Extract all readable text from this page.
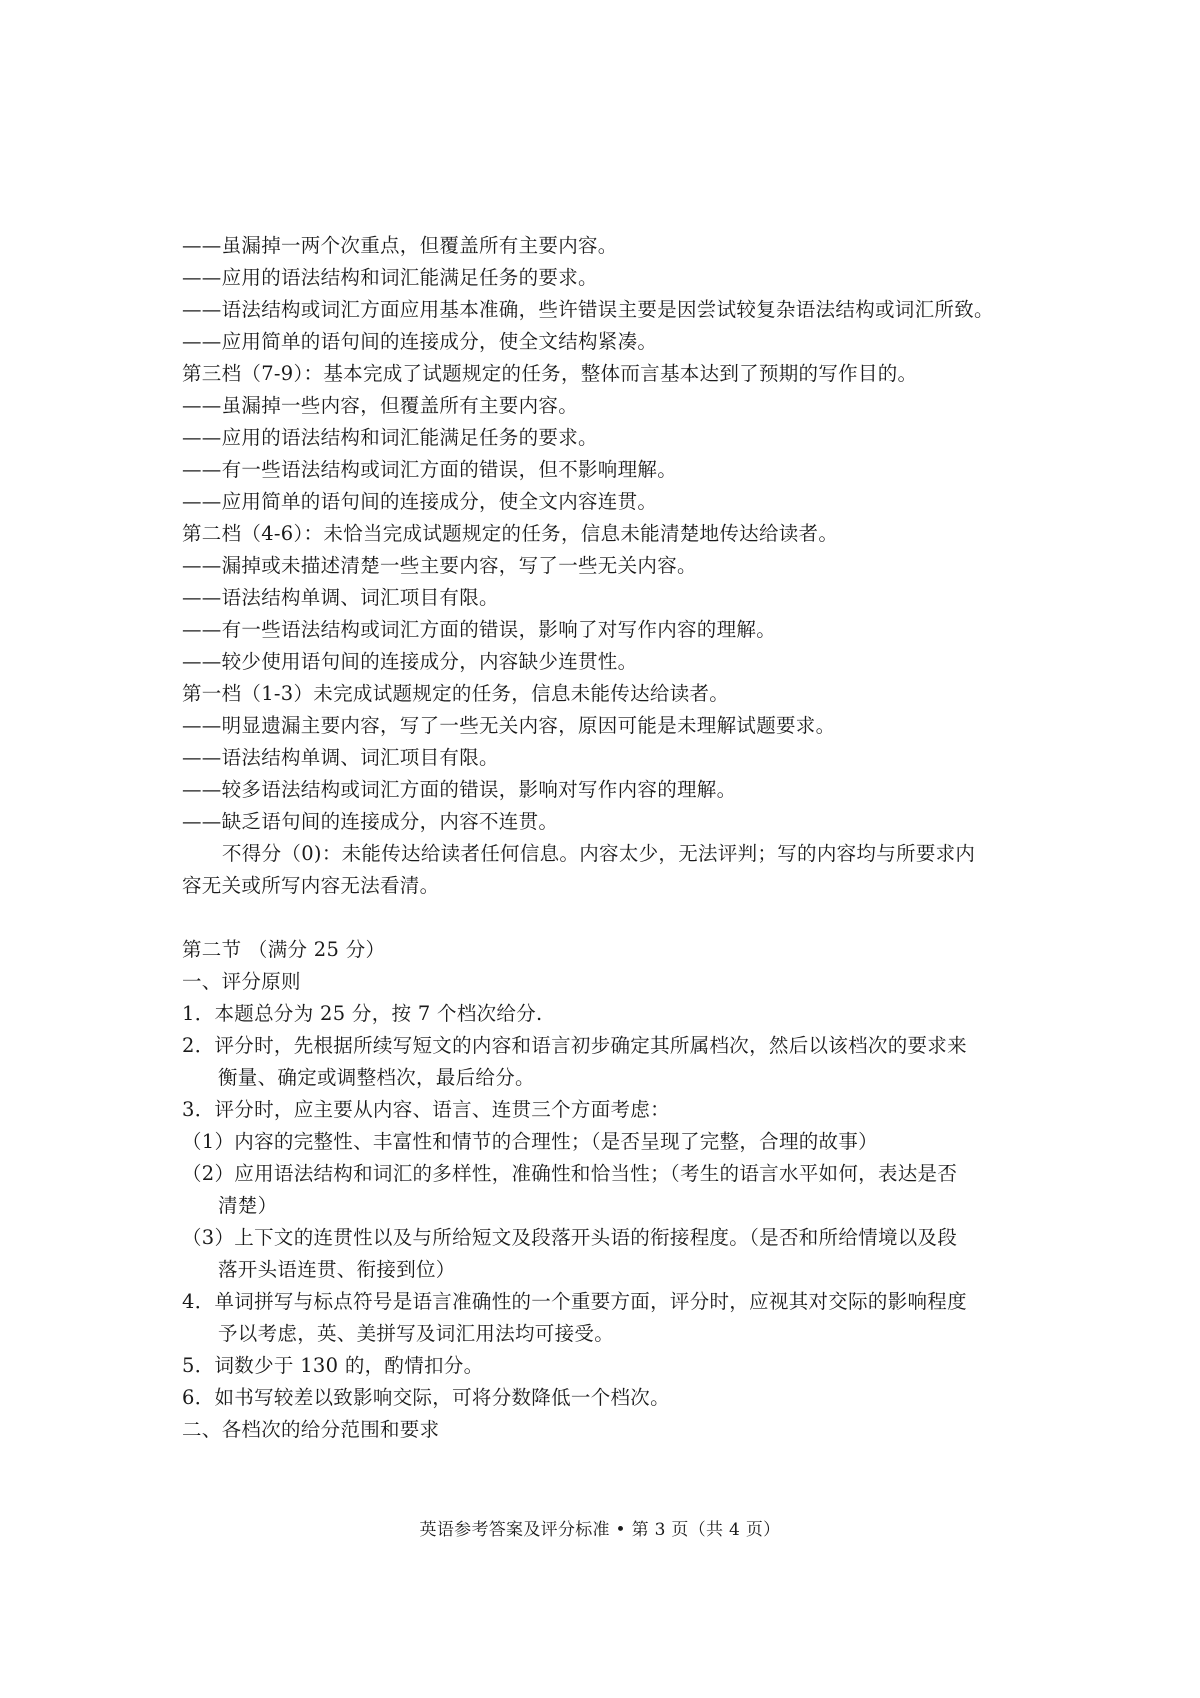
——虽漏掉一两个次重点，但覆盖所有主要内容。
——应用的语法结构和词汇能满足任务的要求。
——语法结构或词汇方面应用基本准确，些许错误主要是因尝试较复杂语法结构或词汇所致。
——应用简单的语句间的连接成分，使全文结构紧凑。
第三档（7-9）：基本完成了试题规定的任务，整体而言基本达到了预期的写作目的。
——虽漏掉一些内容，但覆盖所有主要内容。
——应用的语法结构和词汇能满足任务的要求。
——有一些语法结构或词汇方面的错误，但不影响理解。
——应用简单的语句间的连接成分，使全文内容连贯。
第二档（4-6）：未恰当完成试题规定的任务，信息未能清楚地传达给读者。
——漏掉或未描述清楚一些主要内容，写了一些无关内容。
——语法结构单调、词汇项目有限。
——有一些语法结构或词汇方面的错误，影响了对写作内容的理解。
——较少使用语句间的连接成分，内容缺少连贯性。
第一档（1-3）未完成试题规定的任务，信息未能传达给读者。
——明显遗漏主要内容，写了一些无关内容，原因可能是未理解试题要求。
——语法结构单调、词汇项目有限。
——较多语法结构或词汇方面的错误，影响对写作内容的理解。
——缺乏语句间的连接成分，内容不连贯。
不得分（0)：未能传达给读者任何信息。内容太少，无法评判；写的内容均与所要求内
容无关或所写内容无法看清。
第二节 （满分 25 分）
一、评分原则
1．本题总分为 25 分，按 7 个档次给分.
2．评分时，先根据所续写短文的内容和语言初步确定其所属档次，然后以该档次的要求来
衡量、确定或调整档次，最后给分。
3．评分时，应主要从内容、语言、连贯三个方面考虑：
（1）内容的完整性、丰富性和情节的合理性；（是否呈现了完整，合理的故事）
（2）应用语法结构和词汇的多样性，准确性和恰当性；（考生的语言水平如何，表达是否
清楚）
（3）上下文的连贯性以及与所给短文及段落开头语的衔接程度。（是否和所给情境以及段
落开头语连贯、衔接到位）
4．单词拼写与标点符号是语言准确性的一个重要方面，评分时，应视其对交际的影响程度
予以考虑，英、美拼写及词汇用法均可接受。
5．词数少于 130 的，酌情扣分。
6．如书写较差以致影响交际，可将分数降低一个档次。
二、各档次的给分范围和要求
英语参考答案及评分标准 • 第 3 页（共 4 页）
